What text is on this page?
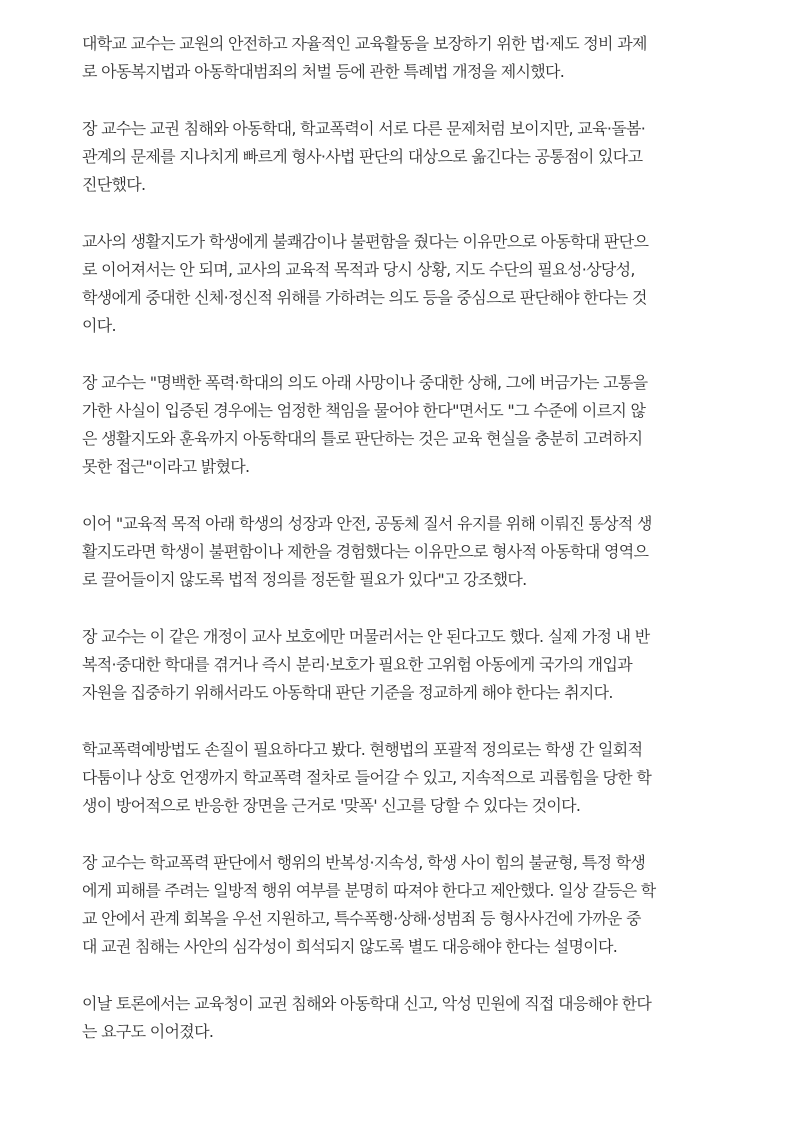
대학교 교수는 교원의 안전하고 자율적인 교육활동을 보장하기 위한 법·제도 정비 과제
로 아동복지법과 아동학대범죄의 처벌 등에 관한 특례법 개정을 제시했다.

장 교수는 교권 침해와 아동학대, 학교폭력이 서로 다른 문제처럼 보이지만, 교육·돌봄·
관계의 문제를 지나치게 빠르게 형사·사법 판단의 대상으로 옮긴다는 공통점이 있다고
진단했다.

교사의 생활지도가 학생에게 불쾌감이나 불편함을 줬다는 이유만으로 아동학대 판단으
로 이어져서는 안 되며, 교사의 교육적 목적과 당시 상황, 지도 수단의 필요성·상당성,
학생에게 중대한 신체·정신적 위해를 가하려는 의도 등을 중심으로 판단해야 한다는 것
이다.

장 교수는 "명백한 폭력·학대의 의도 아래 사망이나 중대한 상해, 그에 버금가는 고통을
가한 사실이 입증된 경우에는 엄정한 책임을 물어야 한다"면서도 "그 수준에 이르지 않
은 생활지도와 훈육까지 아동학대의 틀로 판단하는 것은 교육 현실을 충분히 고려하지
못한 접근"이라고 밝혔다.

이어 "교육적 목적 아래 학생의 성장과 안전, 공동체 질서 유지를 위해 이뤄진 통상적 생
활지도라면 학생이 불편함이나 제한을 경험했다는 이유만으로 형사적 아동학대 영역으
로 끌어들이지 않도록 법적 정의를 정돈할 필요가 있다"고 강조했다.

장 교수는 이 같은 개정이 교사 보호에만 머물러서는 안 된다고도 했다. 실제 가정 내 반
복적·중대한 학대를 겪거나 즉시 분리·보호가 필요한 고위험 아동에게 국가의 개입과
자원을 집중하기 위해서라도 아동학대 판단 기준을 정교하게 해야 한다는 취지다.

학교폭력예방법도 손질이 필요하다고 봤다. 현행법의 포괄적 정의로는 학생 간 일회적
다툼이나 상호 언쟁까지 학교폭력 절차로 들어갈 수 있고, 지속적으로 괴롭힘을 당한 학
생이 방어적으로 반응한 장면을 근거로 '맞폭' 신고를 당할 수 있다는 것이다.

장 교수는 학교폭력 판단에서 행위의 반복성·지속성, 학생 사이 힘의 불균형, 특정 학생
에게 피해를 주려는 일방적 행위 여부를 분명히 따져야 한다고 제안했다. 일상 갈등은 학
교 안에서 관계 회복을 우선 지원하고, 특수폭행·상해·성범죄 등 형사사건에 가까운 중
대 교권 침해는 사안의 심각성이 희석되지 않도록 별도 대응해야 한다는 설명이다.

이날 토론에서는 교육청이 교권 침해와 아동학대 신고, 악성 민원에 직접 대응해야 한다
는 요구도 이어졌다.
